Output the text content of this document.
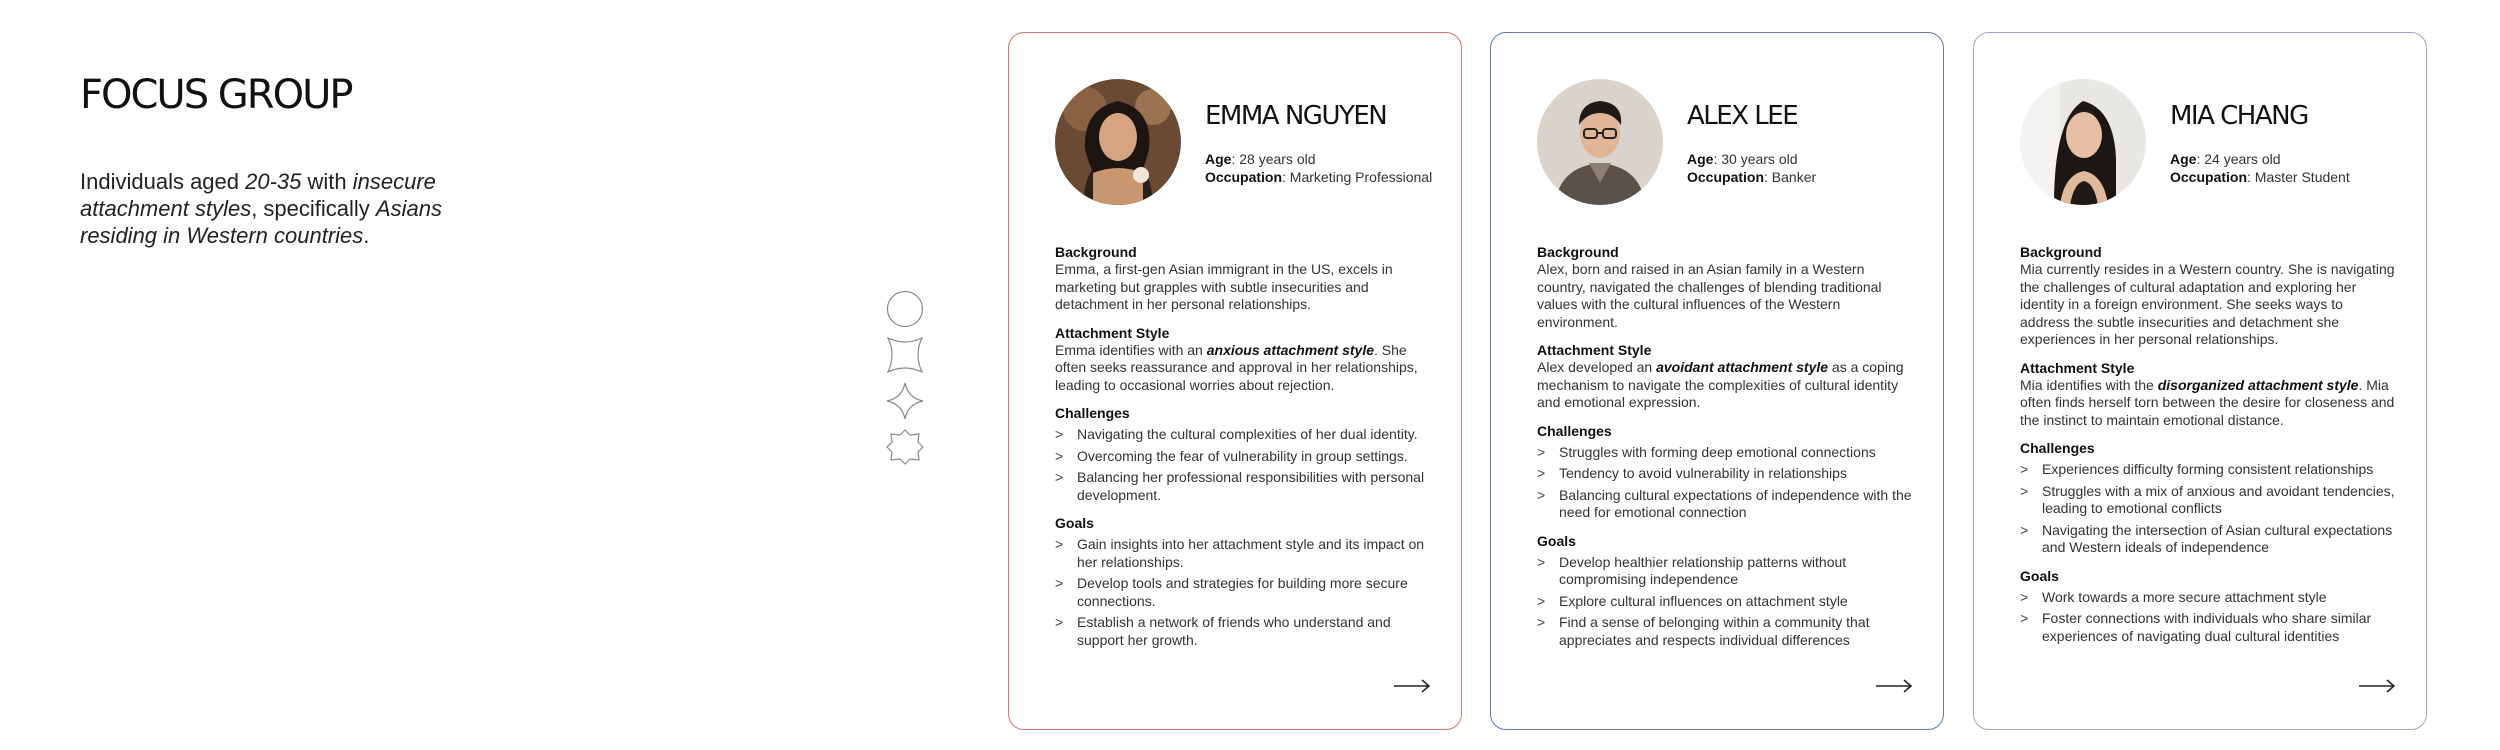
FOCUS GROUP

Individuals aged 20-35 with insecure attachment styles, specifically Asians residing in Western countries.

EMMA NGUYEN
Age: 28 years old
Occupation: Marketing Professional

Background

Emma, a first-gen Asian immigrant in the US, excels in marketing but grapples with subtle insecurities and detachment in her personal relationships.

Attachment Style

Emma identifies with an anxious attachment style. She often seeks reassurance and approval in her relationships, leading to occasional worries about rejection.

Challenges

> Navigating the cultural complexities of her dual identity.
> Overcoming the fear of vulnerability in group settings.
> Balancing her professional responsibilities with personal development.

Goals

> Gain insights into her attachment style and its impact on her relationships.
> Develop tools and strategies for building more secure connections.
> Establish a network of friends who understand and support her growth.
ALEX LEE
Age: 30 years old
Occupation: Banker

Background

Alex, born and raised in an Asian family in a Western country, navigated the challenges of blending traditional values with the cultural influences of the Western environment.

Attachment Style

Alex developed an avoidant attachment style as a coping mechanism to navigate the complexities of cultural identity and emotional expression.

Challenges

> Struggles with forming deep emotional connections
> Tendency to avoid vulnerability in relationships
> Balancing cultural expectations of independence with the need for emotional connection

Goals

> Develop healthier relationship patterns without compromising independence
> Explore cultural influences on attachment style
> Find a sense of belonging within a community that appreciates and respects individual differences
MIA CHANG
Age: 24 years old
Occupation: Master Student

Background

Mia currently resides in a Western country. She is navigating the challenges of cultural adaptation and exploring her identity in a foreign environment. She seeks ways to address the subtle insecurities and detachment she experiences in her personal relationships.

Attachment Style

Mia identifies with the disorganized attachment style. Mia often finds herself torn between the desire for closeness and the instinct to maintain emotional distance.

Challenges

> Experiences difficulty forming consistent relationships
> Struggles with a mix of anxious and avoidant tendencies, leading to emotional conflicts
> Navigating the intersection of Asian cultural expectations and Western ideals of independence

Goals

> Work towards a more secure attachment style
> Foster connections with individuals who share similar experiences of navigating dual cultural identities
